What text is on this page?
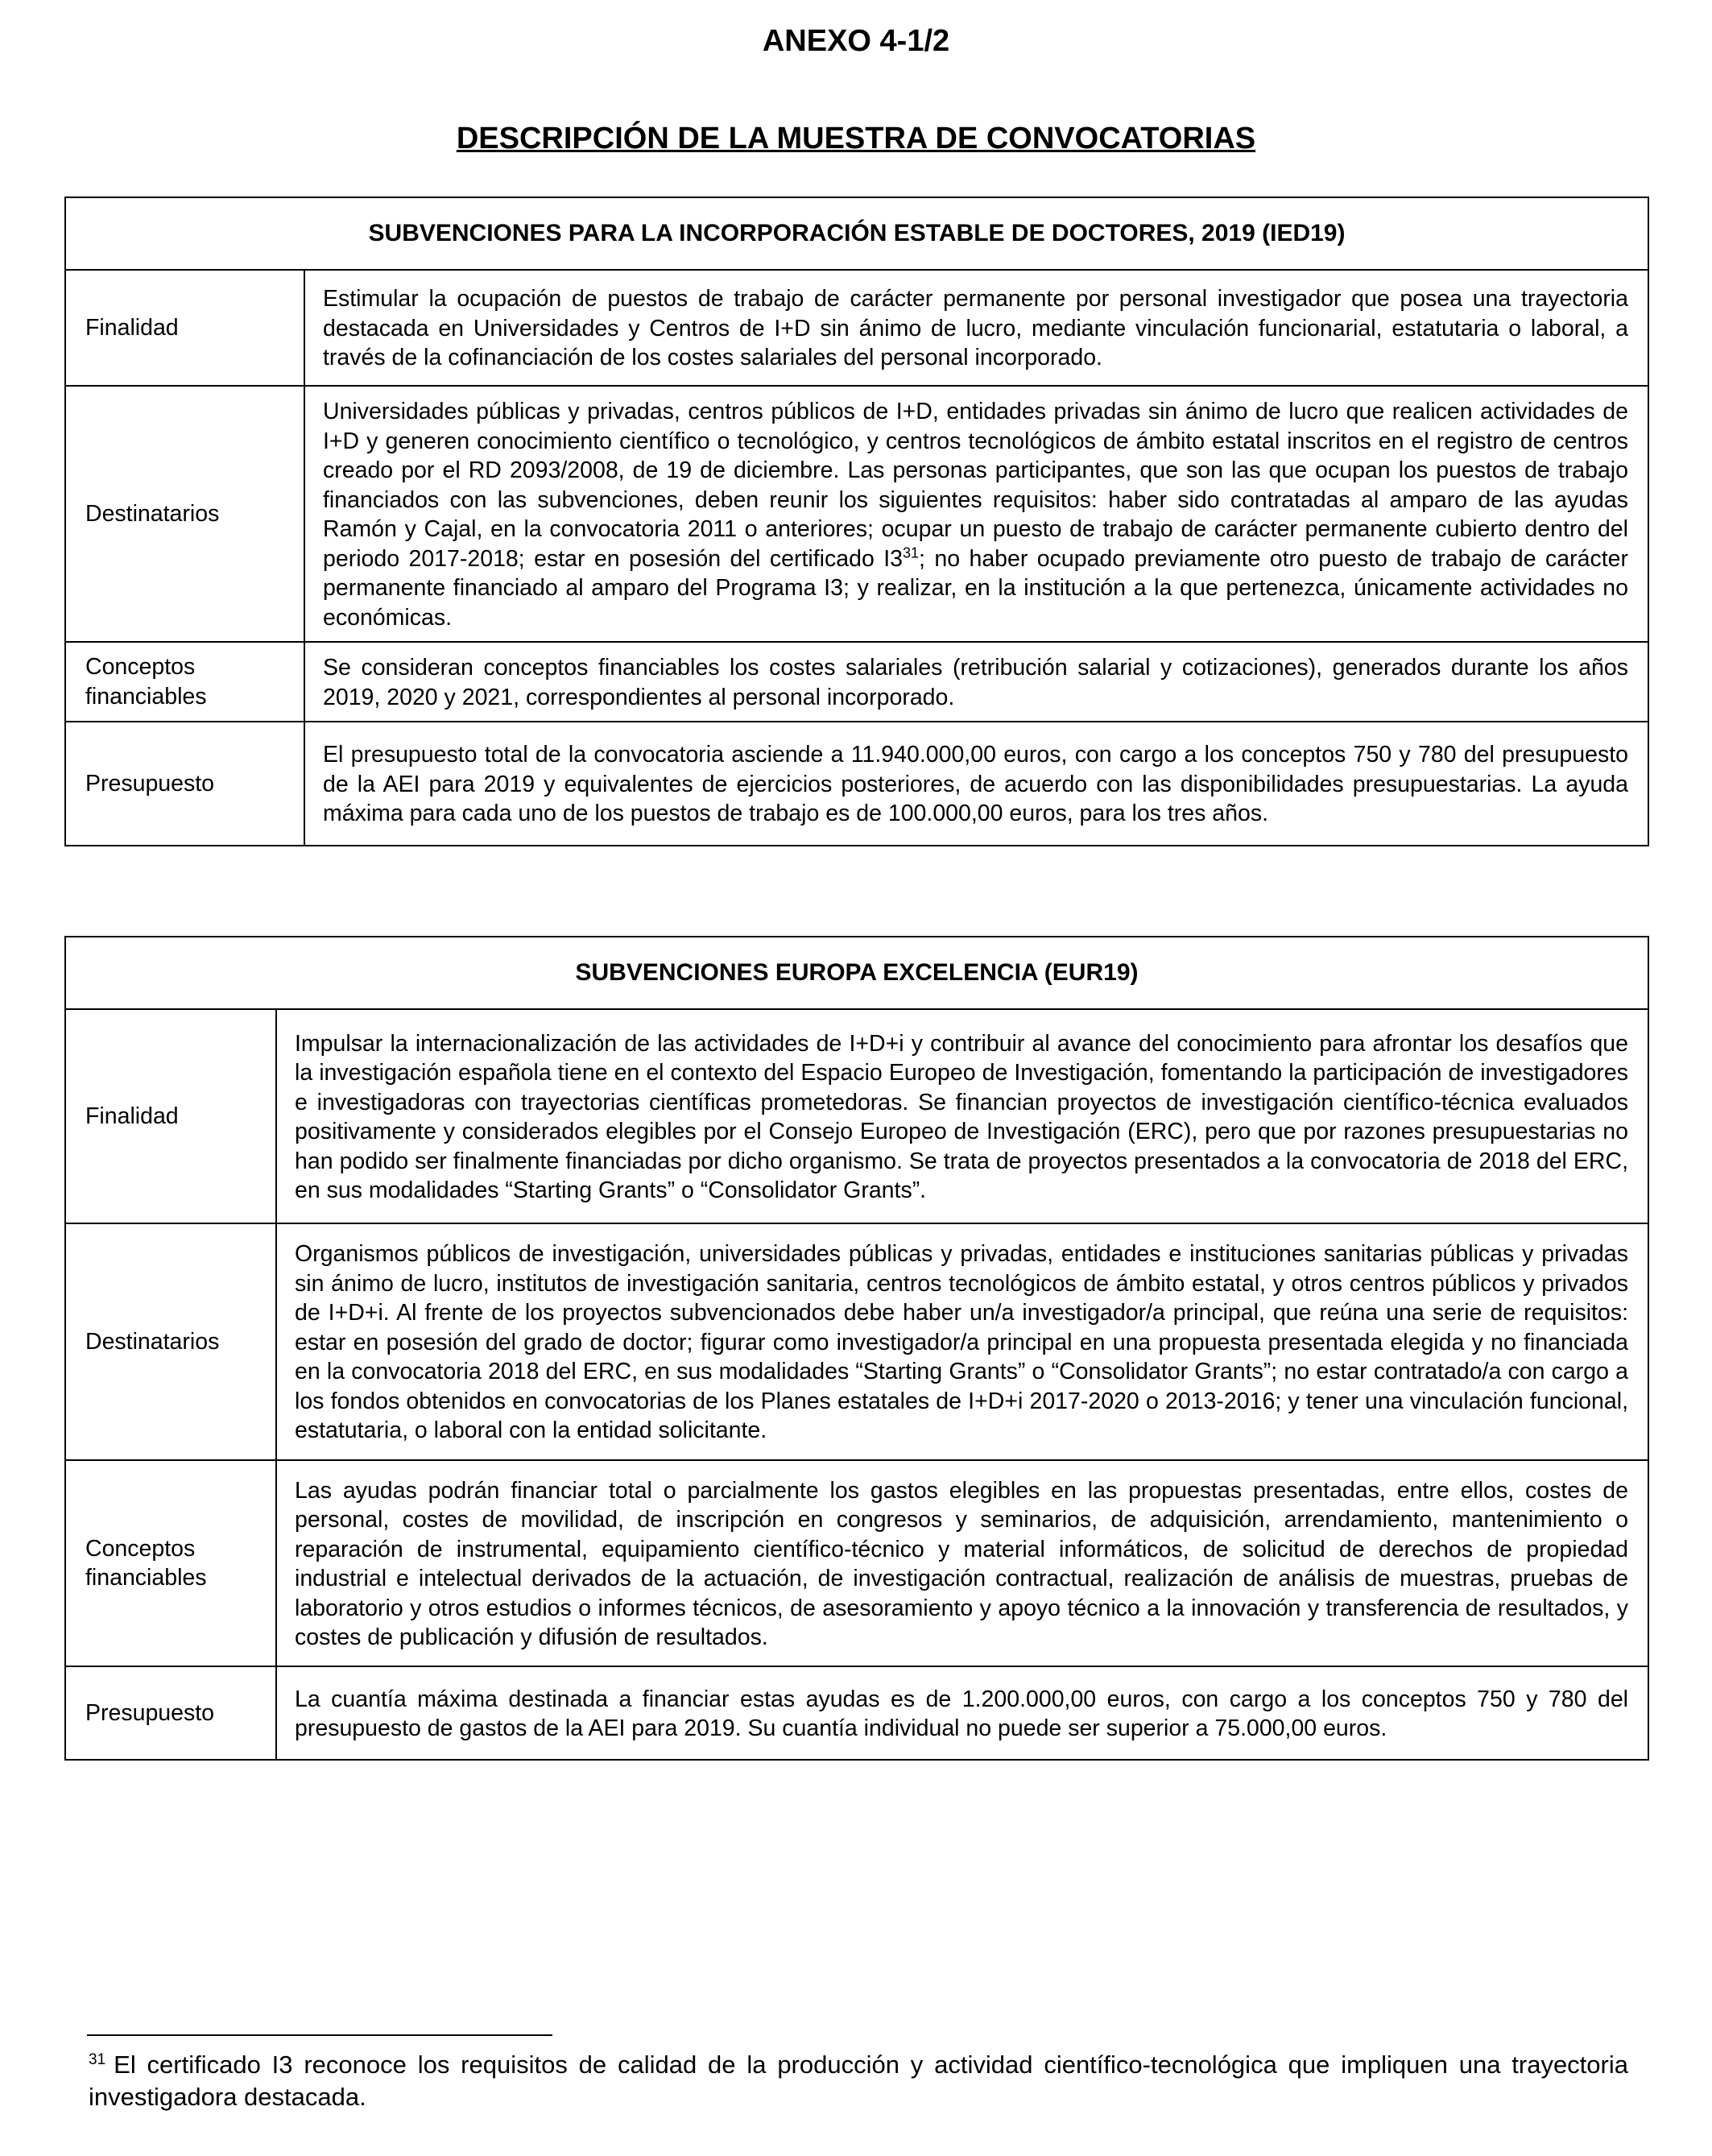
ANEXO 4-1/2
DESCRIPCIÓN DE LA MUESTRA DE CONVOCATORIAS
SUBVENCIONES PARA LA INCORPORACIÓN ESTABLE DE DOCTORES, 2019 (IED19)	
Finalidad	Estimular la ocupación de puestos de trabajo de carácter permanente por personal investigador que posea una trayectoria destacada en Universidades y Centros de I+D sin ánimo de lucro, mediante vinculación funcionarial, estatutaria o laboral, a través de la cofinanciación de los costes salariales del personal incorporado.
Destinatarios	Universidades públicas y privadas, centros públicos de I+D, entidades privadas sin ánimo de lucro que realicen actividades de I+D y generen conocimiento científico o tecnológico, y centros tecnológicos de ámbito estatal inscritos en el registro de centros creado por el RD 2093/2008, de 19 de diciembre. Las personas participantes, que son las que ocupan los puestos de trabajo financiados con las subvenciones, deben reunir los siguientes requisitos: haber sido contratadas al amparo de las ayudas Ramón y Cajal, en la convocatoria 2011 o anteriores; ocupar un puesto de trabajo de carácter permanente cubierto dentro del periodo 2017-2018; estar en posesión del certificado $I3^{31}$; no haber ocupado previamente otro puesto de trabajo de carácter permanente financiado al amparo del Programa I3; y realizar, en la institución a la que pertenezca, únicamente actividades no económicas.
Conceptos financiables	Se consideran conceptos financiables los costes salariales (retribución salarial y cotizaciones), generados durante los años 2019, 2020 y 2021, correspondientes al personal incorporado.
Presupuesto	El presupuesto total de la convocatoria asciende a 11.940.000,00 euros, con cargo a los conceptos 750 y 780 del presupuesto de la AEI para 2019 y equivalentes de ejercicios posteriores, de acuerdo con las disponibilidades presupuestarias. La ayuda máxima para cada uno de los puestos de trabajo es de 100.000,00 euros, para los tres años.
SUBVENCIONES EUROPA EXCELENCIA (EUR19)	
Finalidad	Impulsar la internacionalización de las actividades de I+D+i y contribuir al avance del conocimiento para afrontar los desafíos que la investigación española tiene en el contexto del Espacio Europeo de Investigación, fomentando la participación de investigadores e investigadoras con trayectorias científicas prometedoras. Se financian proyectos de investigación científico-técnica evaluados positivamente y considerados elegibles por el Consejo Europeo de Investigación (ERC), pero que por razones presupuestarias no han podido ser finalmente financiadas por dicho organismo. Se trata de proyectos presentados a la convocatoria de 2018 del ERC, en sus modalidades “Starting Grants” o “Consolidator Grants”.
Destinatarios	Organismos públicos de investigación, universidades públicas y privadas, entidades e instituciones sanitarias públicas y privadas sin ánimo de lucro, institutos de investigación sanitaria, centros tecnológicos de ámbito estatal, y otros centros públicos y privados de I+D+i. Al frente de los proyectos subvencionados debe haber un/a investigador/a principal, que reúna una serie de requisitos: estar en posesión del grado de doctor; figurar como investigador/a principal en una propuesta presentada elegida y no financiada en la convocatoria 2018 del ERC, en sus modalidades “Starting Grants” o “Consolidator Grants”; no estar contratado/a con cargo a los fondos obtenidos en convocatorias de los Planes estatales de I+D+i 2017-2020 o 2013-2016; y tener una vinculación funcional, estatutaria, o laboral con la entidad solicitante.
Conceptos financiables	Las ayudas podrán financiar total o parcialmente los gastos elegibles en las propuestas presentadas, entre ellos, costes de personal, costes de movilidad, de inscripción en congresos y seminarios, de adquisición, arrendamiento, mantenimiento o reparación de instrumental, equipamiento científico-técnico y material informáticos, de solicitud de derechos de propiedad industrial e intelectual derivados de la actuación, de investigación contractual, realización de análisis de muestras, pruebas de laboratorio y otros estudios o informes técnicos, de asesoramiento y apoyo técnico a la innovación y transferencia de resultados, y costes de publicación y difusión de resultados.
Presupuesto	La cuantía máxima destinada a financiar estas ayudas es de 1.200.000,00 euros, con cargo a los conceptos 750 y 780 del presupuesto de gastos de la AEI para 2019. Su cuantía individual no puede ser superior a 75.000,00 euros.
$^{31}$ El certificado I3 reconoce los requisitos de calidad de la producción y actividad científico-tecnológica que impliquen una trayectoria investigadora destacada.
